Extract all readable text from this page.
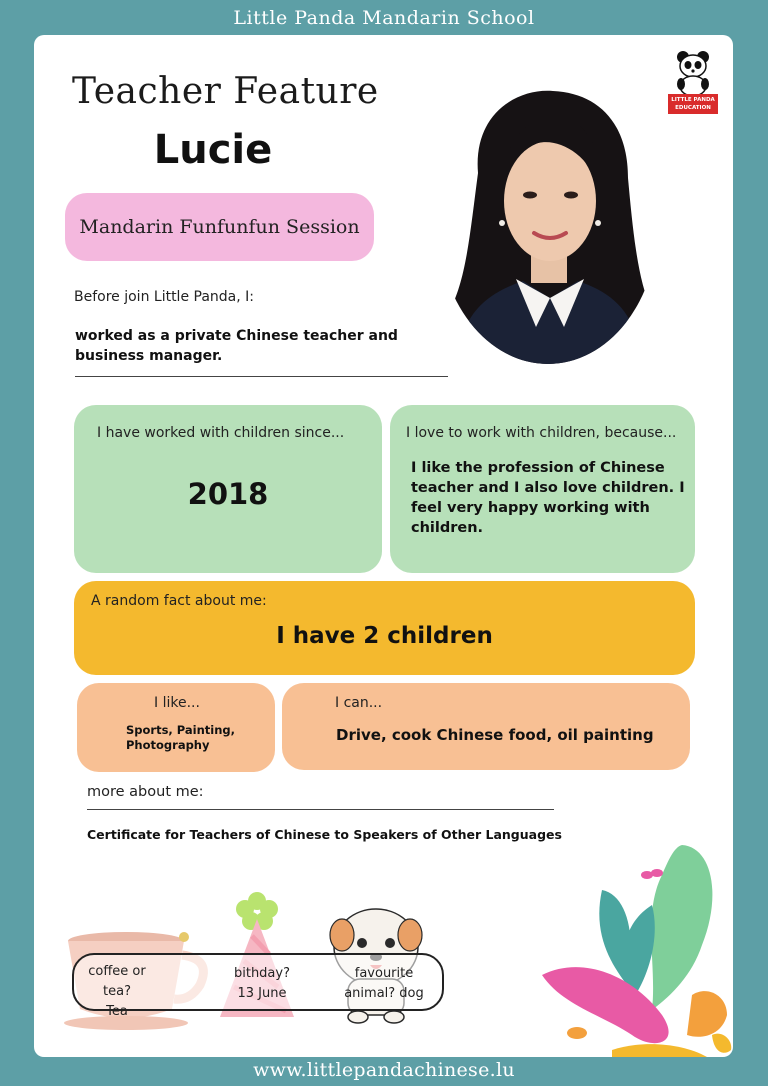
Little Panda Mandarin School
LITTLE PANDA
EDUCATION
Teacher Feature
Lucie
Mandarin Funfunfun Session
Before join Little Panda, I:
worked as a private Chinese teacher and business manager.
I have worked with children since...
2018
I love to work with children, because...
I like the profession of Chinese teacher and I also love children. I feel very happy working with children.
A random fact about me:
I have 2 children
I like...
Sports, Painting,
Photography
I can...
Drive, cook Chinese food, oil painting
more about me:
Certificate for Teachers of Chinese to Speakers of Other Languages
coffee or tea?
Tea
bithday?
13 June
favourite
animal? dog
www.littlepandachinese.lu
